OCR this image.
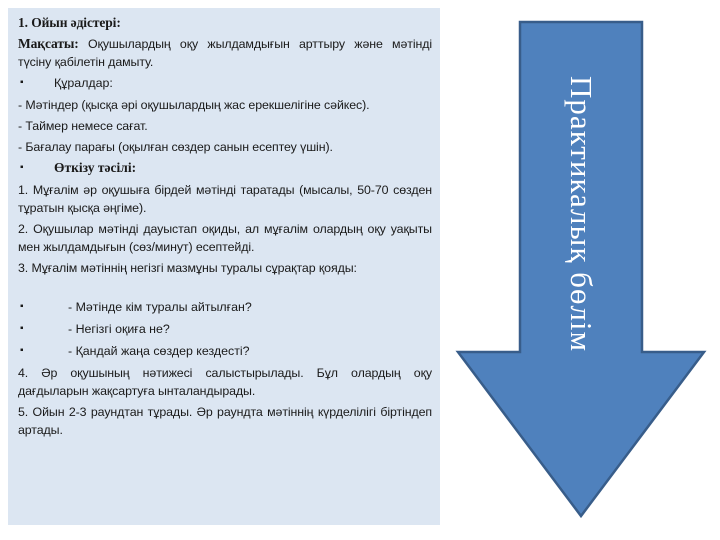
1. Ойын әдістері:

Мақсаты: Оқушылардың оқу жылдамдығын арттыру және мәтінді түсіну қабілетін дамыту.

▪	Құралдар:

- Мәтіндер (қысқа әрі оқушылардың жас ерекшелігіне сәйкес).

- Таймер немесе сағат.

- Бағалау парағы (оқылған сөздер санын есептеу үшін).

▪	Өткізу тәсілі:

1. Мұғалім әр оқушыға бірдей мәтінді таратады (мысалы, 50-70 сөзден тұратын қысқа әңгіме).

2. Оқушылар мәтінді дауыстап оқиды, ал мұғалім олардың оқу уақыты мен жылдамдығын (сөз/минут) есептейді.

3. Мұғалім мәтіннің негізгі мазмұны туралы сұрақтар қояды:

▪	- Мәтінде кім туралы айтылған?
▪	- Негізгі оқиға не?
▪	- Қандай жаңа сөздер кездесті?

4. Әр оқушының нәтижесі салыстырылады. Бұл олардың оқу дағдыларын жақсартуға ынталандырады.

5. Ойын 2-3 раундтан тұрады. Әр раундта мәтіннің күрделілігі біртіндеп артады.

Практикалық бөлім
